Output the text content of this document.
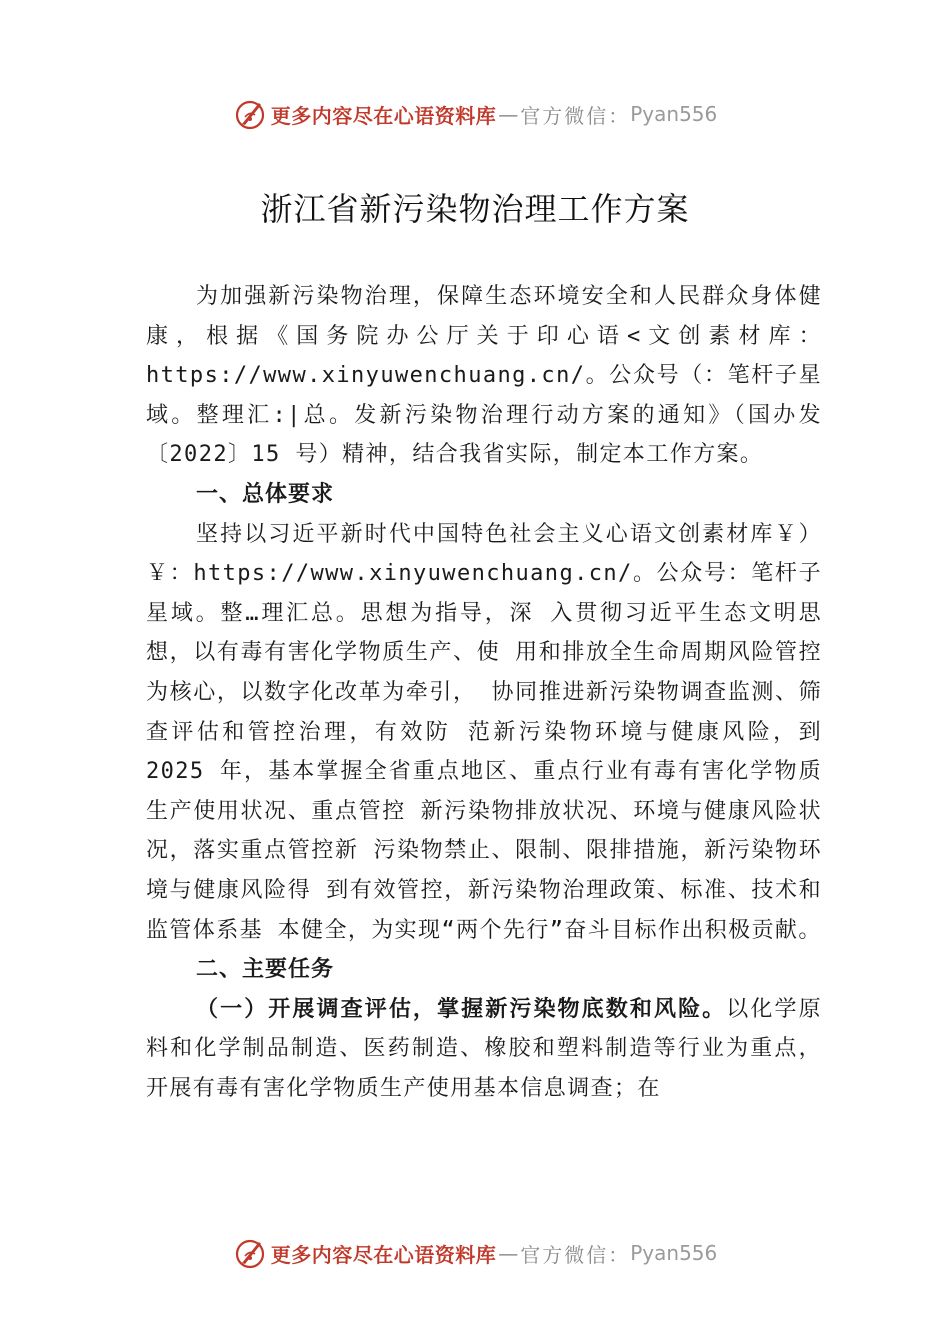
更多内容尽在心语资料库 — 官方微信： Pyan556
浙江省新污染物治理工作方案

为加强新污染物治理，保障生态环境安全和人民群众身体健康，根据《国务院办公厅关于印心语<文创素材库：https://www.xinyuwenchuang.cn/。公众号（：笔杆子星域。整理汇:|总。发新污染物治理行动方案的通知》（国办发〔2022〕15 号）精神，结合我省实际，制定本工作方案。

一、总体要求

坚持以习近平新时代中国特色社会主义心语文创素材库￥）￥：https://www.xinyuwenchuang.cn/。公众号：笔杆子星域。整…理汇总。思想为指导，深 入贯彻习近平生态文明思想，以有毒有害化学物质生产、使 用和排放全生命周期风险管控为核心，以数字化改革为牵引， 协同推进新污染物调查监测、筛查评估和管控治理，有效防 范新污染物环境与健康风险，到 2025 年，基本掌握全省重点地区、重点行业有毒有害化学物质生产使用状况、重点管控 新污染物排放状况、环境与健康风险状况，落实重点管控新 污染物禁止、限制、限排措施，新污染物环境与健康风险得 到有效管控，新污染物治理政策、标准、技术和监管体系基 本健全，为实现“两个先行”奋斗目标作出积极贡献。

二、主要任务

（一）开展调查评估，掌握新污染物底数和风险。以化学原料和化学制品制造、医药制造、橡胶和塑料制造等行业为重点，开展有毒有害化学物质生产使用基本信息调查；在

更多内容尽在心语资料库 — 官方微信： Pyan556
